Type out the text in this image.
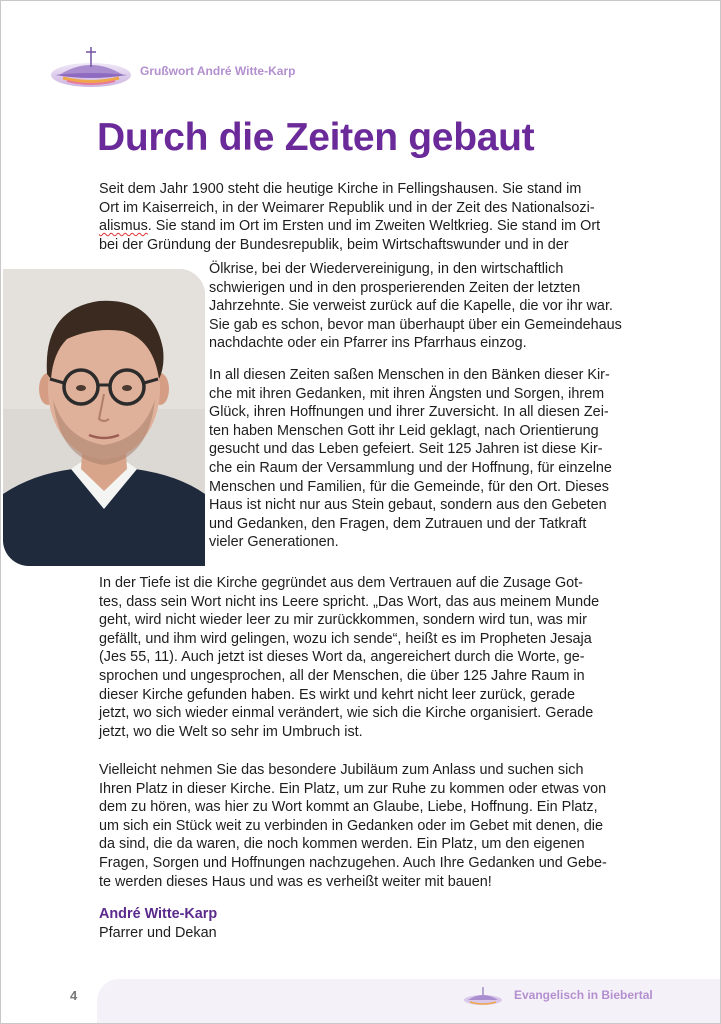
Grußwort André Witte-Karp
Durch die Zeiten gebaut
Seit dem Jahr 1900 steht die heutige Kirche in Fellingshausen. Sie stand im
Ort im Kaiserreich, in der Weimarer Republik und in der Zeit des Nationalsozi-
alismus. Sie stand im Ort im Ersten und im Zweiten Weltkrieg. Sie stand im Ort
bei der Gründung der Bundesrepublik, beim Wirtschaftswunder und in der
Ölkrise, bei der Wiedervereinigung, in den wirtschaftlich
schwierigen und in den prosperierenden Zeiten der letzten
Jahrzehnte. Sie verweist zurück auf die Kapelle, die vor ihr war.
Sie gab es schon, bevor man überhaupt über ein Gemeindehaus
nachdachte oder ein Pfarrer ins Pfarrhaus einzog.
In all diesen Zeiten saßen Menschen in den Bänken dieser Kir-
che mit ihren Gedanken, mit ihren Ängsten und Sorgen, ihrem
Glück, ihren Hoffnungen und ihrer Zuversicht. In all diesen Zei-
ten haben Menschen Gott ihr Leid geklagt, nach Orientierung
gesucht und das Leben gefeiert. Seit 125 Jahren ist diese Kir-
che ein Raum der Versammlung und der Hoffnung, für einzelne
Menschen und Familien, für die Gemeinde, für den Ort. Dieses
Haus ist nicht nur aus Stein gebaut, sondern aus den Gebeten
und Gedanken, den Fragen, dem Zutrauen und der Tatkraft
vieler Generationen.
In der Tiefe ist die Kirche gegründet aus dem Vertrauen auf die Zusage Got-
tes, dass sein Wort nicht ins Leere spricht. „Das Wort, das aus meinem Munde
geht, wird nicht wieder leer zu mir zurückkommen, sondern wird tun, was mir
gefällt, und ihm wird gelingen, wozu ich sende“, heißt es im Propheten Jesaja
(Jes 55, 11). Auch jetzt ist dieses Wort da, angereichert durch die Worte, ge-
sprochen und ungesprochen, all der Menschen, die über 125 Jahre Raum in
dieser Kirche gefunden haben. Es wirkt und kehrt nicht leer zurück, gerade
jetzt, wo sich wieder einmal verändert, wie sich die Kirche organisiert. Gerade
jetzt, wo die Welt so sehr im Umbruch ist.
Vielleicht nehmen Sie das besondere Jubiläum zum Anlass und suchen sich
Ihren Platz in dieser Kirche. Ein Platz, um zur Ruhe zu kommen oder etwas von
dem zu hören, was hier zu Wort kommt an Glaube, Liebe, Hoffnung. Ein Platz,
um sich ein Stück weit zu verbinden in Gedanken oder im Gebet mit denen, die
da sind, die da waren, die noch kommen werden. Ein Platz, um den eigenen
Fragen, Sorgen und Hoffnungen nachzugehen. Auch Ihre Gedanken und Gebe-
te werden dieses Haus und was es verheißt weiter mit bauen!
André Witte-Karp
Pfarrer und Dekan
4	Evangelisch in Biebertal
